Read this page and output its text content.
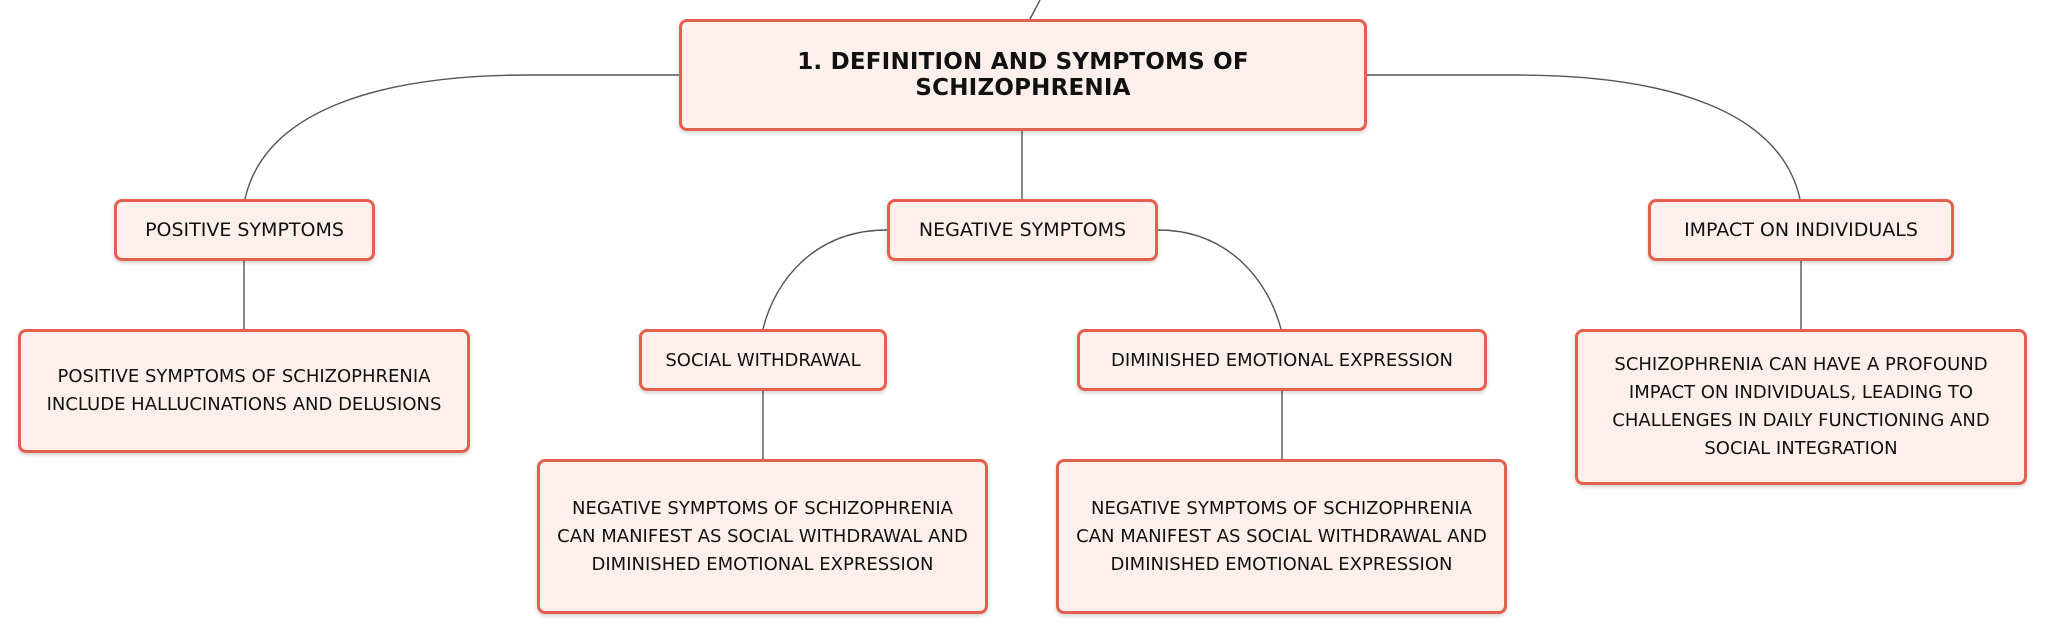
1. DEFINITION AND SYMPTOMS OF SCHIZOPHRENIA
POSITIVE SYMPTOMS	NEGATIVE SYMPTOMS	IMPACT ON INDIVIDUALS
SOCIAL WITHDRAWAL	DIMINISHED EMOTIONAL EXPRESSION
POSITIVE SYMPTOMS OF SCHIZOPHRENIA INCLUDE HALLUCINATIONS AND DELUSIONS
NEGATIVE SYMPTOMS OF SCHIZOPHRENIA CAN MANIFEST AS SOCIAL WITHDRAWAL AND DIMINISHED EMOTIONAL EXPRESSION
NEGATIVE SYMPTOMS OF SCHIZOPHRENIA CAN MANIFEST AS SOCIAL WITHDRAWAL AND DIMINISHED EMOTIONAL EXPRESSION
SCHIZOPHRENIA CAN HAVE A PROFOUND IMPACT ON INDIVIDUALS, LEADING TO CHALLENGES IN DAILY FUNCTIONING AND SOCIAL INTEGRATION
